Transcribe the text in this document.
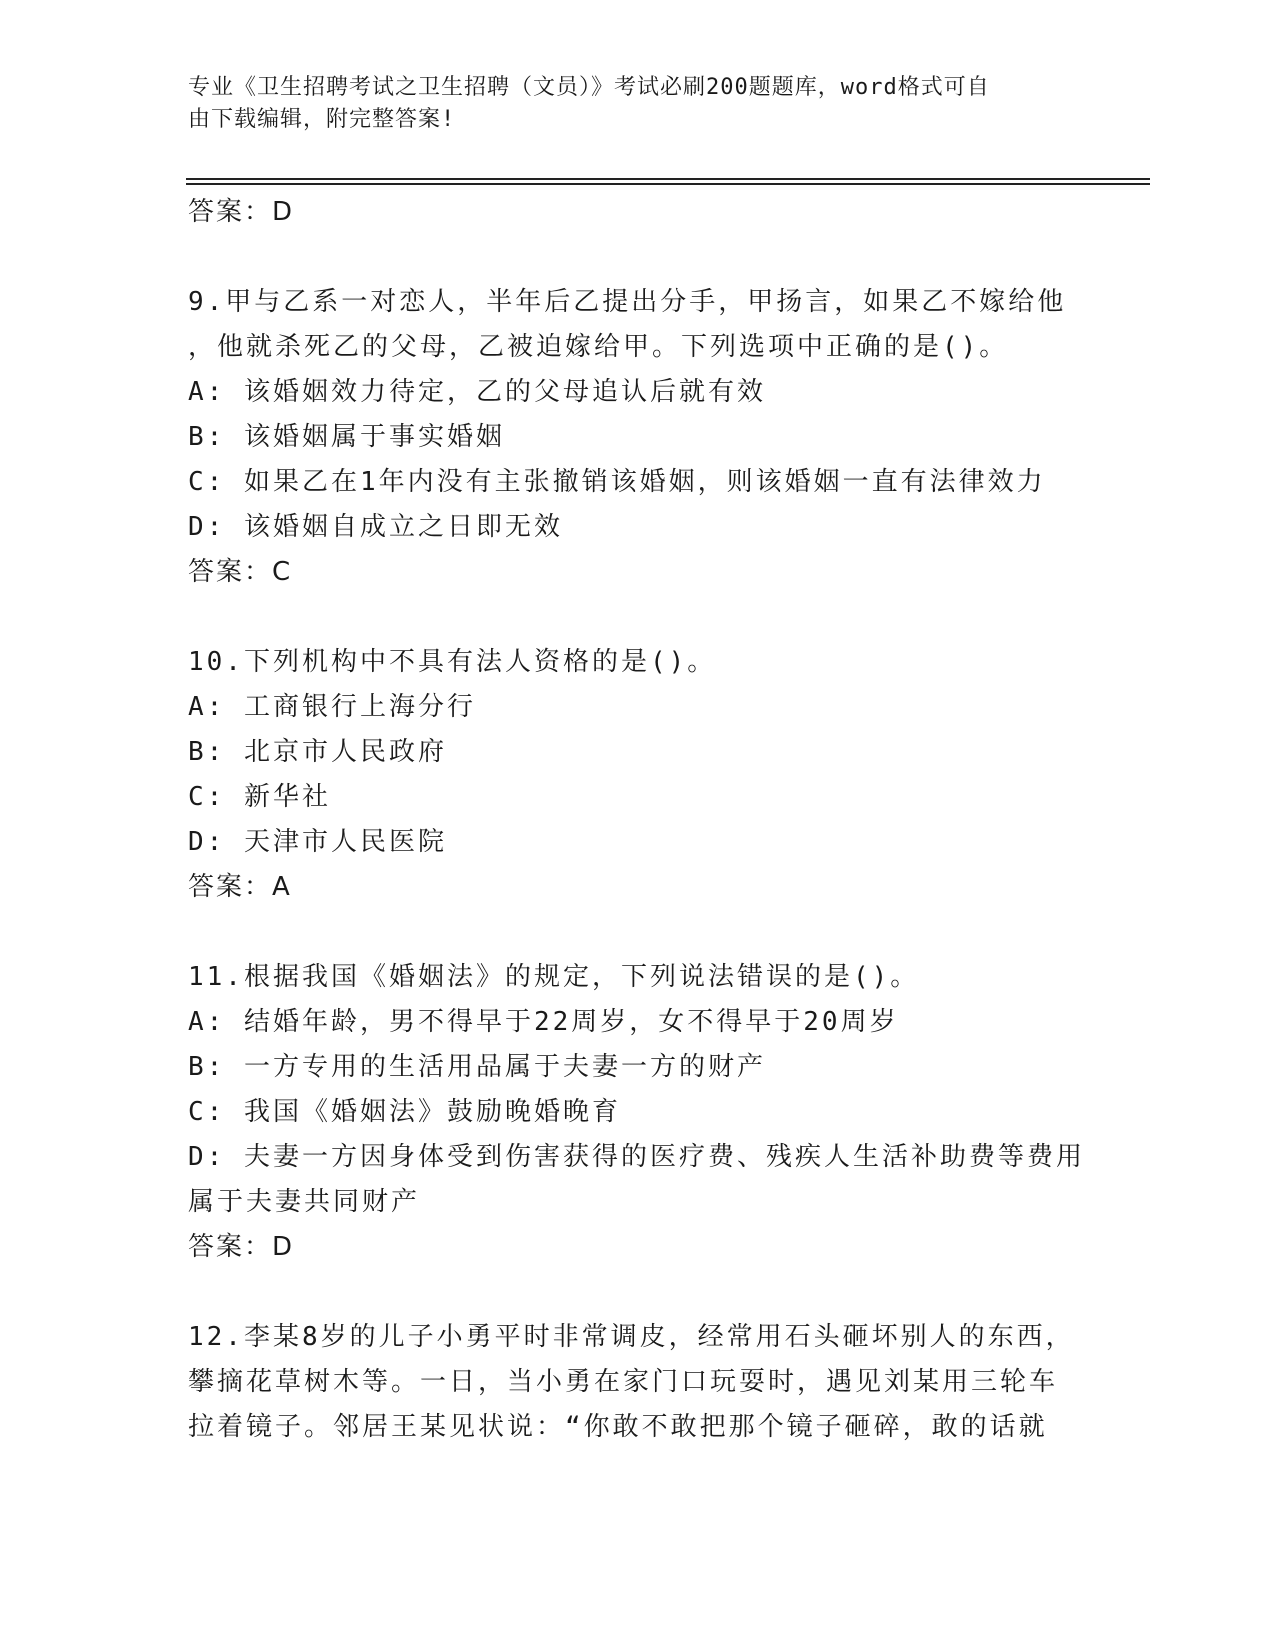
专业《卫生招聘考试之卫生招聘（文员）》考试必刷200题题库，word格式可自
由下载编辑，附完整答案!
答案：D
9.甲与乙系一对恋人，半年后乙提出分手，甲扬言，如果乙不嫁给他
，他就杀死乙的父母，乙被迫嫁给甲。下列选项中正确的是()。
A: 该婚姻效力待定，乙的父母追认后就有效
B: 该婚姻属于事实婚姻
C: 如果乙在1年内没有主张撤销该婚姻，则该婚姻一直有法律效力
D: 该婚姻自成立之日即无效
答案：C
10.下列机构中不具有法人资格的是()。
A: 工商银行上海分行
B: 北京市人民政府
C: 新华社
D: 天津市人民医院
答案：A
11.根据我国《婚姻法》的规定，下列说法错误的是()。
A: 结婚年龄，男不得早于22周岁，女不得早于20周岁
B: 一方专用的生活用品属于夫妻一方的财产
C: 我国《婚姻法》鼓励晚婚晚育
D: 夫妻一方因身体受到伤害获得的医疗费、残疾人生活补助费等费用
属于夫妻共同财产
答案：D
12.李某8岁的儿子小勇平时非常调皮，经常用石头砸坏别人的东西，
攀摘花草树木等。一日，当小勇在家门口玩耍时，遇见刘某用三轮车
拉着镜子。邻居王某见状说：“你敢不敢把那个镜子砸碎，敢的话就
